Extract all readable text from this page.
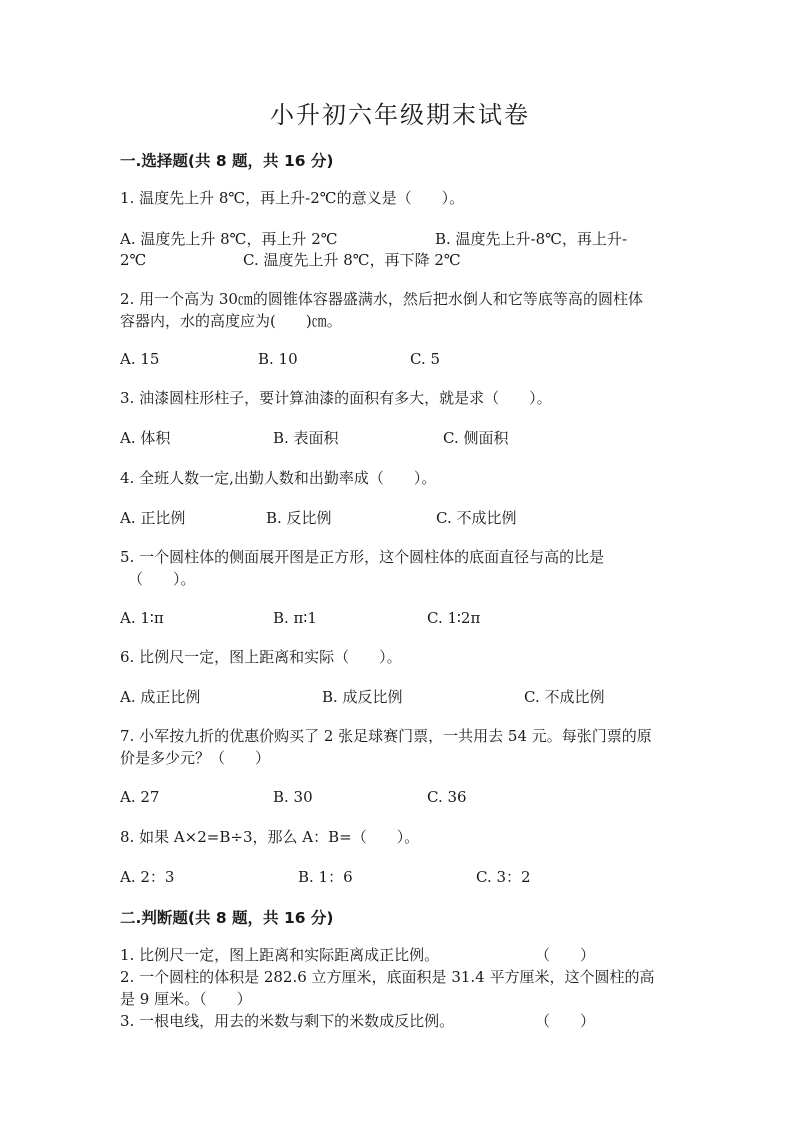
小升初六年级期末试卷
一.选择题(共 8 题，共 16 分)
1. 温度先上升 8℃，再上升-2℃的意义是（　　）。
A. 温度先上升 8℃，再上升 2℃	B. 温度先上升-8℃，再上升-
2℃	C. 温度先上升 8℃，再下降 2℃
2. 用一个高为 30㎝的圆锥体容器盛满水，然后把水倒人和它等底等高的圆柱体
容器内，水的高度应为(　　)㎝。
A. 15	B. 10	C. 5
3. 油漆圆柱形柱子，要计算油漆的面积有多大，就是求（　　）。
A. 体积	B. 表面积	C. 侧面积
4. 全班人数一定,出勤人数和出勤率成（　　）。
A. 正比例	B. 反比例	C. 不成比例
5. 一个圆柱体的侧面展开图是正方形，这个圆柱体的底面直径与高的比是
（　　）。
A. 1∶π	B. π∶1	C. 1∶2π
6. 比例尺一定，图上距离和实际（　　）。
A. 成正比例	B. 成反比例	C. 不成比例
7. 小军按九折的优惠价购买了 2 张足球赛门票，一共用去 54 元。每张门票的原
价是多少元？（　　）
A. 27	B. 30	C. 36
8. 如果 A×2=B÷3，那么 A：B=（　　）。
A. 2：3	B. 1：6	C. 3：2
二.判断题(共 8 题，共 16 分)
1. 比例尺一定，图上距离和实际距离成正比例。	（　　）
2. 一个圆柱的体积是 282.6 立方厘米，底面积是 31.4 平方厘米，这个圆柱的高
是 9 厘米。（　　）
3. 一根电线，用去的米数与剩下的米数成反比例。	（　　）
